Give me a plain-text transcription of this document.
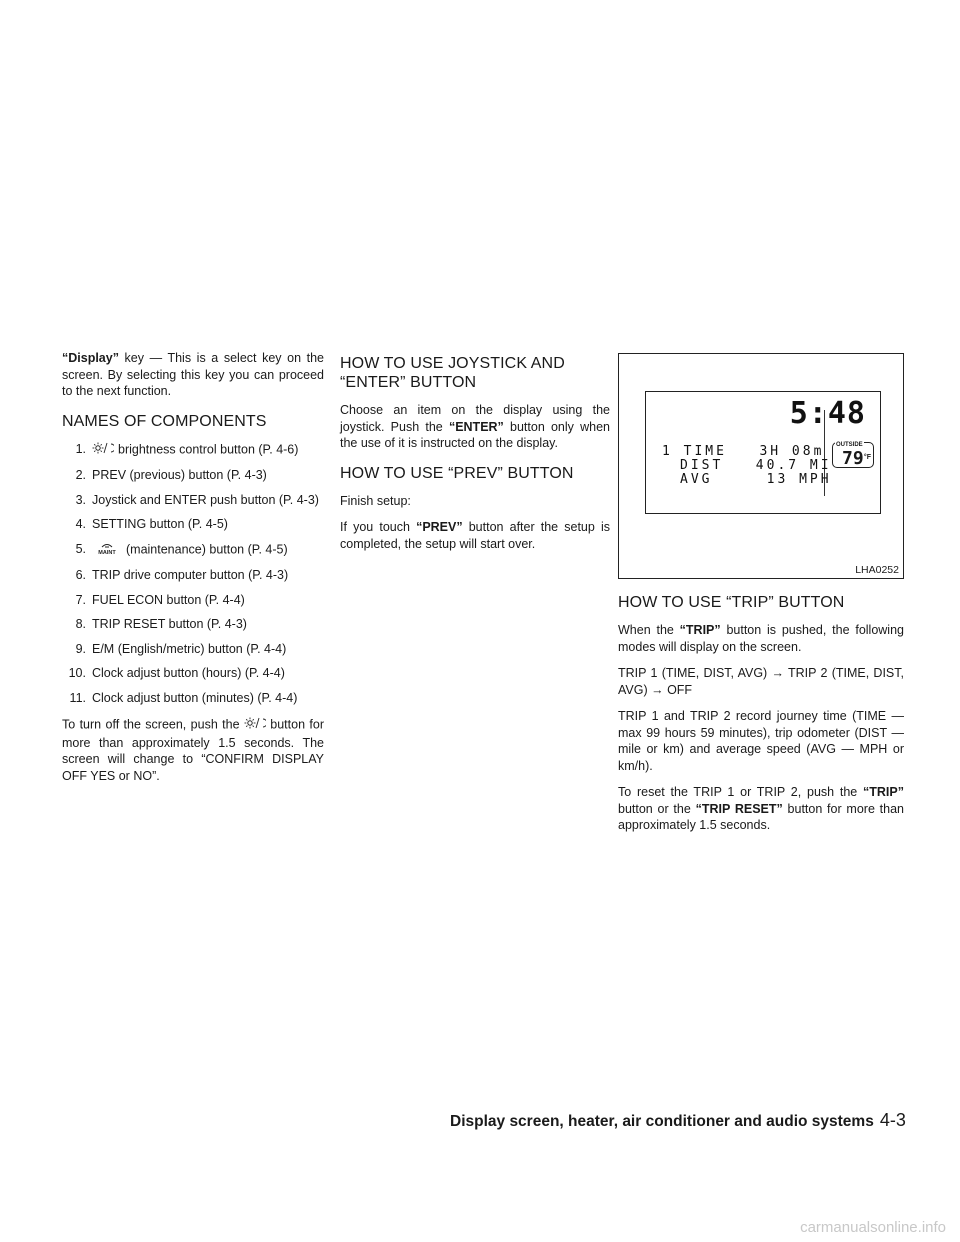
“Display” key — This is a select key on the screen. By selecting this key you can proceed to the next function.

NAMES OF COMPONENTS
1.	brightness control button (P. 4-6)
2. PREV (previous) button (P. 4-3)
3. Joystick and ENTER push button (P. 4-3)
4. SETTING button (P. 4-5)
5.	MAINT (maintenance) button (P. 4-5)
6. TRIP drive computer button (P. 4-3)
7. FUEL ECON button (P. 4-4)
8. TRIP RESET button (P. 4-3)
9. E/M (English/metric) button (P. 4-4)
10. Clock adjust button (hours) (P. 4-4)
11. Clock adjust button (minutes) (P. 4-4)

To turn off the screen, push the  button for more than approximately 1.5 seconds. The screen will change to “CONFIRM DISPLAY OFF YES or NO”.

HOW TO USE JOYSTICK AND “ENTER” BUTTON

Choose an item on the display using the joystick. Push the “ENTER” button only when the use of it is instructed on the display.

HOW TO USE “PREV” BUTTON

Finish setup:

If you touch “PREV” button after the setup is completed, the setup will start over.

5:48
1 TIME   3H 08m
DIST   40.7 MI
AVG     13 MPH
OUTSIDE
79 °F
LHA0252
HOW TO USE “TRIP” BUTTON

When the “TRIP” button is pushed, the following modes will display on the screen.

TRIP 1 (TIME, DIST, AVG) → TRIP 2 (TIME, DIST, AVG) → OFF

TRIP 1 and TRIP 2 record journey time (TIME — max 99 hours 59 minutes), trip odometer (DIST — mile or km) and average speed (AVG — MPH or km/h).

To reset the TRIP 1 or TRIP 2, push the “TRIP” button or the “TRIP RESET” button for more than approximately 1.5 seconds.

Display screen, heater, air conditioner and audio systems 4-3
carmanualsonline.info
